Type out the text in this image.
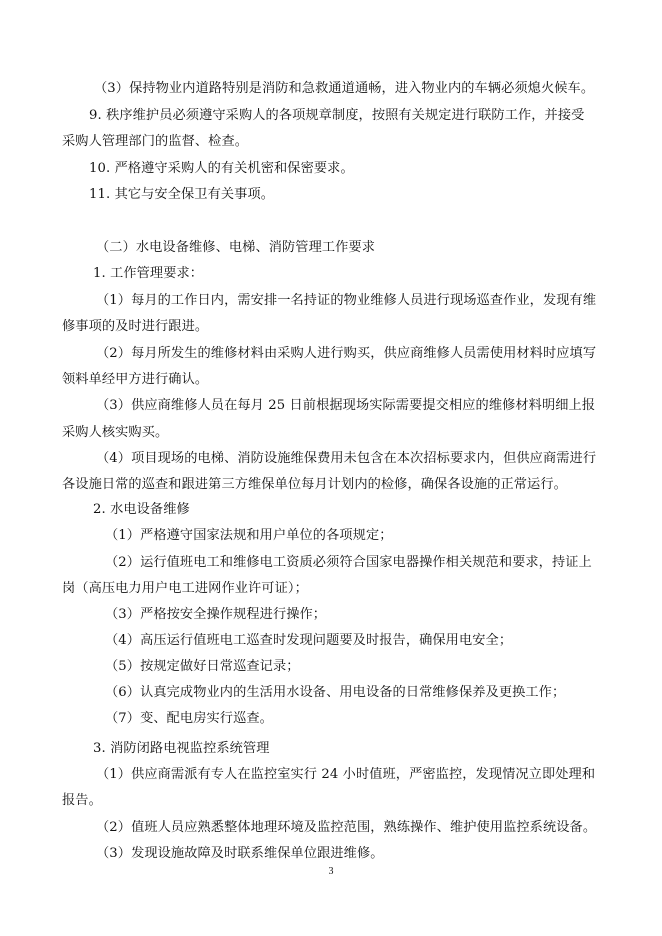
（3）保持物业内道路特别是消防和急救通道通畅，进入物业内的车辆必须熄火候车。
9. 秩序维护员必须遵守采购人的各项规章制度，按照有关规定进行联防工作，并接受
采购人管理部门的监督、检查。
10. 严格遵守采购人的有关机密和保密要求。
11. 其它与安全保卫有关事项。
（二）水电设备维修、电梯、消防管理工作要求
1. 工作管理要求：
（1）每月的工作日内，需安排一名持证的物业维修人员进行现场巡查作业，发现有维
修事项的及时进行跟进。
（2）每月所发生的维修材料由采购人进行购买，供应商维修人员需使用材料时应填写
领料单经甲方进行确认。
（3）供应商维修人员在每月 25 日前根据现场实际需要提交相应的维修材料明细上报
采购人核实购买。
（4）项目现场的电梯、消防设施维保费用未包含在本次招标要求内，但供应商需进行
各设施日常的巡查和跟进第三方维保单位每月计划内的检修，确保各设施的正常运行。
2. 水电设备维修
（1）严格遵守国家法规和用户单位的各项规定；
（2）运行值班电工和维修电工资质必须符合国家电器操作相关规范和要求，持证上
岗（高压电力用户电工进网作业许可证）；
（3）严格按安全操作规程进行操作；
（4）高压运行值班电工巡查时发现问题要及时报告，确保用电安全；
（5）按规定做好日常巡查记录；
（6）认真完成物业内的生活用水设备、用电设备的日常维修保养及更换工作；
（7）变、配电房实行巡查。
3. 消防闭路电视监控系统管理
（1）供应商需派有专人在监控室实行 24 小时值班，严密监控，发现情况立即处理和
报告。
（2）值班人员应熟悉整体地理环境及监控范围，熟练操作、维护使用监控系统设备。
（3）发现设施故障及时联系维保单位跟进维修。
3
